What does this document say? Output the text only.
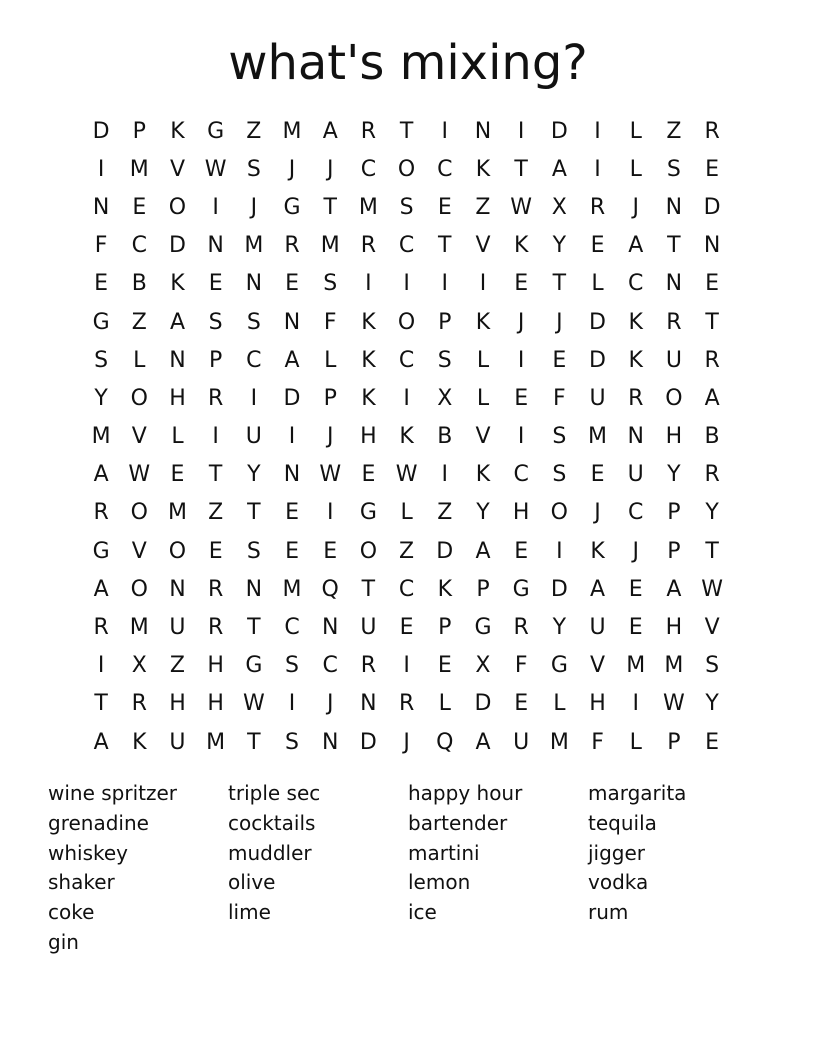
what's mixing?
D	P	K	G	Z M A	R	T	I	N	I	D	I	L	Z	R
I	M V W S	J	J	C O C	K	T	A	I	L	S	E
N	E	O	I	J	G	T M S	E	Z W X	R	J	N D
F	C	D N M R M R	C	T	V	K	Y	E	A	T	N
E	B	K	E	N	E	S	I	I	I	I	E	T	L	C	N	E
G	Z	A	S	S	N	F	K	O	P	K	J	J	D	K	R	T
S	L	N	P	C	A	L	K	C	S	L	I	E	D	K	U	R
Y	O H	R	I	D	P	K	I	X	L	E	F	U	R O	A
M V	L	I	U	I	J	H	K	B	V	I	S M N H	B
A W E	T	Y	N W E W	I	K	C	S	E	U	Y	R
R O M Z	T	E	I	G	L	Z	Y	H O	J	C	P	Y
G	V O	E	S	E	E	O Z	D	A	E	I	K	J	P	T
A O N	R	N M Q	T	C	K	P	G D	A	E	A W
R M U	R	T	C	N U	E	P	G	R	Y	U	E	H	V
I	X	Z	H G	S	C	R	I	E	X	F	G	V M M S
T	R	H H W	I	J	N	R	L	D	E	L	H	I	W Y
A	K	U M T	S	N D	J	Q	A	U M	F	L	P	E
wine spritzer	triple sec	happy hour	margarita
grenadine	cocktails	bartender	tequila
whiskey	muddler	martini	jigger
shaker	olive	lemon	vodka
coke	lime	ice	rum
gin
